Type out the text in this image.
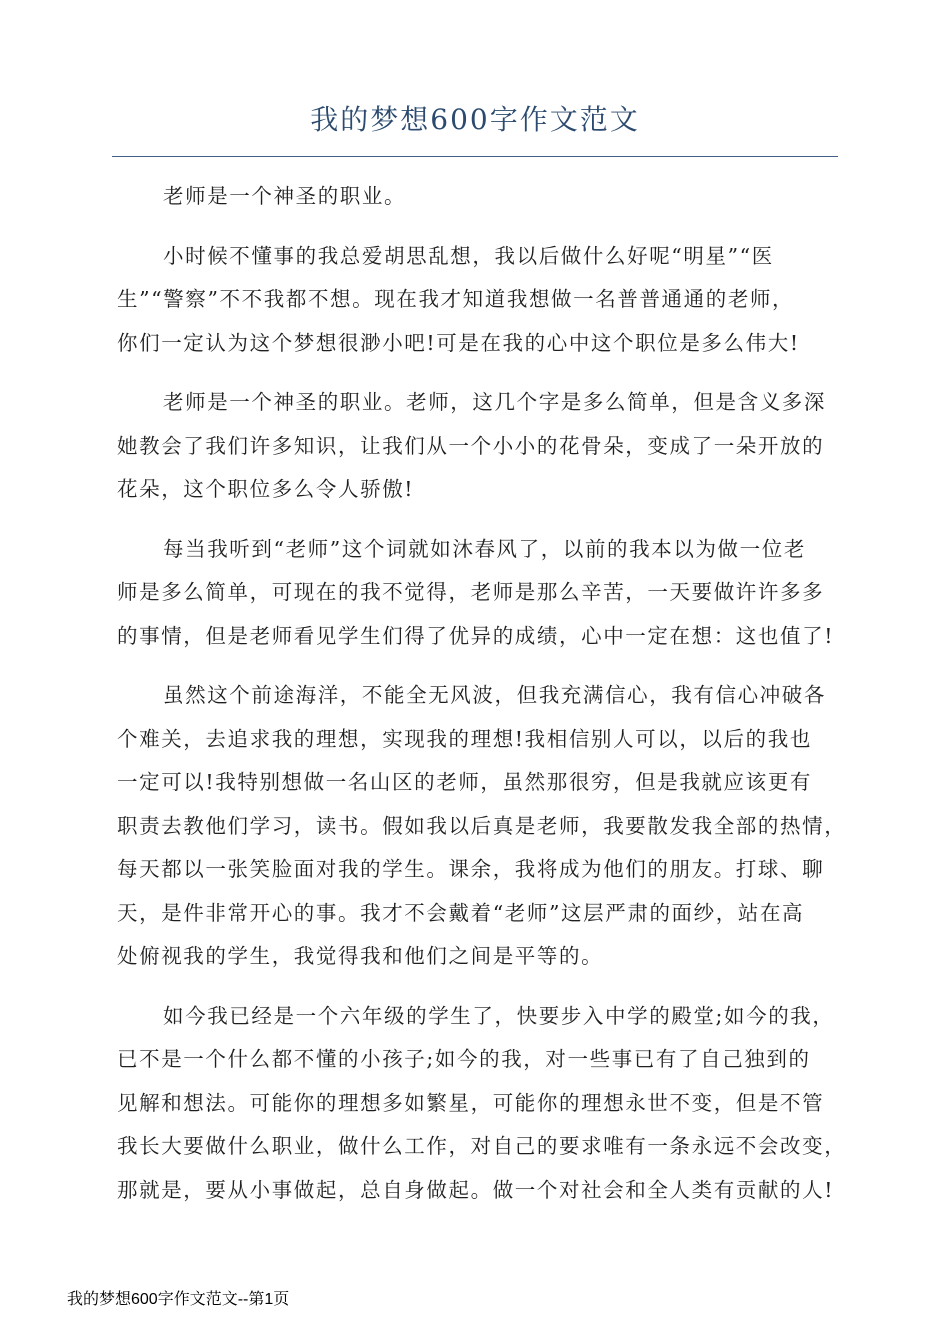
我的梦想600字作文范文

老师是一个神圣的职业。

小时候不懂事的我总爱胡思乱想，我以后做什么好呢“明星”“医
生”“警察”不不我都不想。现在我才知道我想做一名普普通通的老师，
你们一定认为这个梦想很渺小吧!可是在我的心中这个职位是多么伟大!

老师是一个神圣的职业。老师，这几个字是多么简单，但是含义多深
她教会了我们许多知识，让我们从一个小小的花骨朵，变成了一朵开放的
花朵，这个职位多么令人骄傲!

每当我听到“老师”这个词就如沐春风了，以前的我本以为做一位老
师是多么简单，可现在的我不觉得，老师是那么辛苦，一天要做许许多多
的事情，但是老师看见学生们得了优异的成绩，心中一定在想：这也值了!

虽然这个前途海洋，不能全无风波，但我充满信心，我有信心冲破各
个难关，去追求我的理想，实现我的理想!我相信别人可以，以后的我也
一定可以!我特别想做一名山区的老师，虽然那很穷，但是我就应该更有
职责去教他们学习，读书。假如我以后真是老师，我要散发我全部的热情，
每天都以一张笑脸面对我的学生。课余，我将成为他们的朋友。打球、聊
天，是件非常开心的事。我才不会戴着“老师”这层严肃的面纱，站在高
处俯视我的学生，我觉得我和他们之间是平等的。

如今我已经是一个六年级的学生了，快要步入中学的殿堂;如今的我，
已不是一个什么都不懂的小孩子;如今的我，对一些事已有了自己独到的
见解和想法。可能你的理想多如繁星，可能你的理想永世不变，但是不管
我长大要做什么职业，做什么工作，对自己的要求唯有一条永远不会改变，
那就是，要从小事做起，总自身做起。做一个对社会和全人类有贡献的人!

我的梦想600字作文范文--第1页
